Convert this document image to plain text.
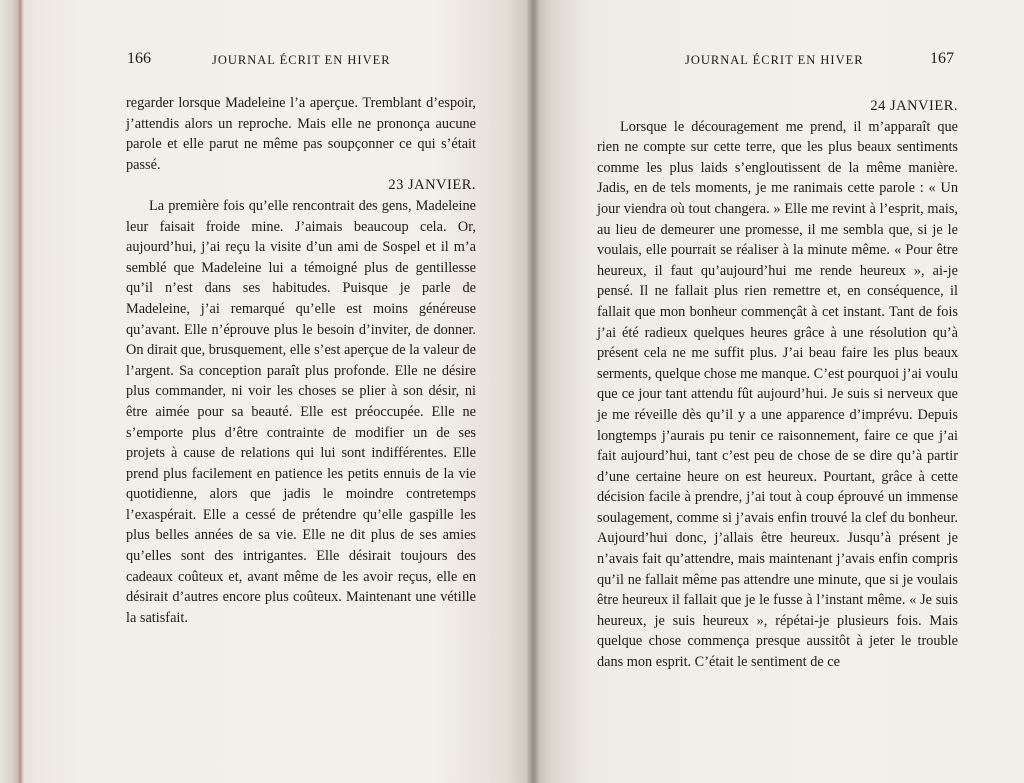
166	JOURNAL ÉCRIT EN HIVER	JOURNAL ÉCRIT EN HIVER	167

regarder lorsque Madeleine l’a aperçue. Tremblant d’espoir, j’attendis alors un reproche. Mais elle ne prononça aucune parole et elle parut ne même pas soupçonner ce qui s’était passé.

23 JANVIER.

La première fois qu’elle rencontrait des gens, Madeleine leur faisait froide mine. J’aimais beaucoup cela. Or, aujourd’hui, j’ai reçu la visite d’un ami de Sospel et il m’a semblé que Madeleine lui a témoigné plus de gentillesse qu’il n’est dans ses habitudes. Puisque je parle de Madeleine, j’ai remarqué qu’elle est moins généreuse qu’avant. Elle n’éprouve plus le besoin d’inviter, de donner. On dirait que, brusquement, elle s’est aperçue de la valeur de l’argent. Sa conception paraît plus profonde. Elle ne désire plus commander, ni voir les choses se plier à son désir, ni être aimée pour sa beauté. Elle est préoccupée. Elle ne s’emporte plus d’être contrainte de modifier un de ses projets à cause de relations qui lui sont indifférentes. Elle prend plus facilement en patience les petits ennuis de la vie quotidienne, alors que jadis le moindre contretemps l’exaspérait. Elle a cessé de prétendre qu’elle gaspille les plus belles années de sa vie. Elle ne dit plus de ses amies qu’elles sont des intrigantes. Elle désirait toujours des cadeaux coûteux et, avant même de les avoir reçus, elle en désirait d’autres encore plus coûteux. Maintenant une vétille la satisfait.

24 JANVIER.

Lorsque le découragement me prend, il m’apparaît que rien ne compte sur cette terre, que les plus beaux sentiments comme les plus laids s’engloutissent de la même manière. Jadis, en de tels moments, je me ranimais cette parole : « Un jour viendra où tout changera. » Elle me revint à l’esprit, mais, au lieu de demeurer une promesse, il me sembla que, si je le voulais, elle pourrait se réaliser à la minute même. « Pour être heureux, il faut qu’aujourd’hui me rende heureux », ai-je pensé. Il ne fallait plus rien remettre et, en conséquence, il fallait que mon bonheur commençât à cet instant. Tant de fois j’ai été radieux quelques heures grâce à une résolution qu’à présent cela ne me suffit plus. J’ai beau faire les plus beaux serments, quelque chose me manque. C’est pourquoi j’ai voulu que ce jour tant attendu fût aujourd’hui. Je suis si nerveux que je me réveille dès qu’il y a une apparence d’imprévu. Depuis longtemps j’aurais pu tenir ce raisonnement, faire ce que j’ai fait aujourd’hui, tant c’est peu de chose de se dire qu’à partir d’une certaine heure on est heureux. Pourtant, grâce à cette décision facile à prendre, j’ai tout à coup éprouvé un immense soulagement, comme si j’avais enfin trouvé la clef du bonheur. Aujourd’hui donc, j’allais être heureux. Jusqu’à présent je n’avais fait qu’attendre, mais maintenant j’avais enfin compris qu’il ne fallait même pas attendre une minute, que si je voulais être heureux il fallait que je le fusse à l’instant même. « Je suis heureux, je suis heureux », répétai-je plusieurs fois. Mais quelque chose commença presque aussitôt à jeter le trouble dans mon esprit. C’était le sentiment de ce
